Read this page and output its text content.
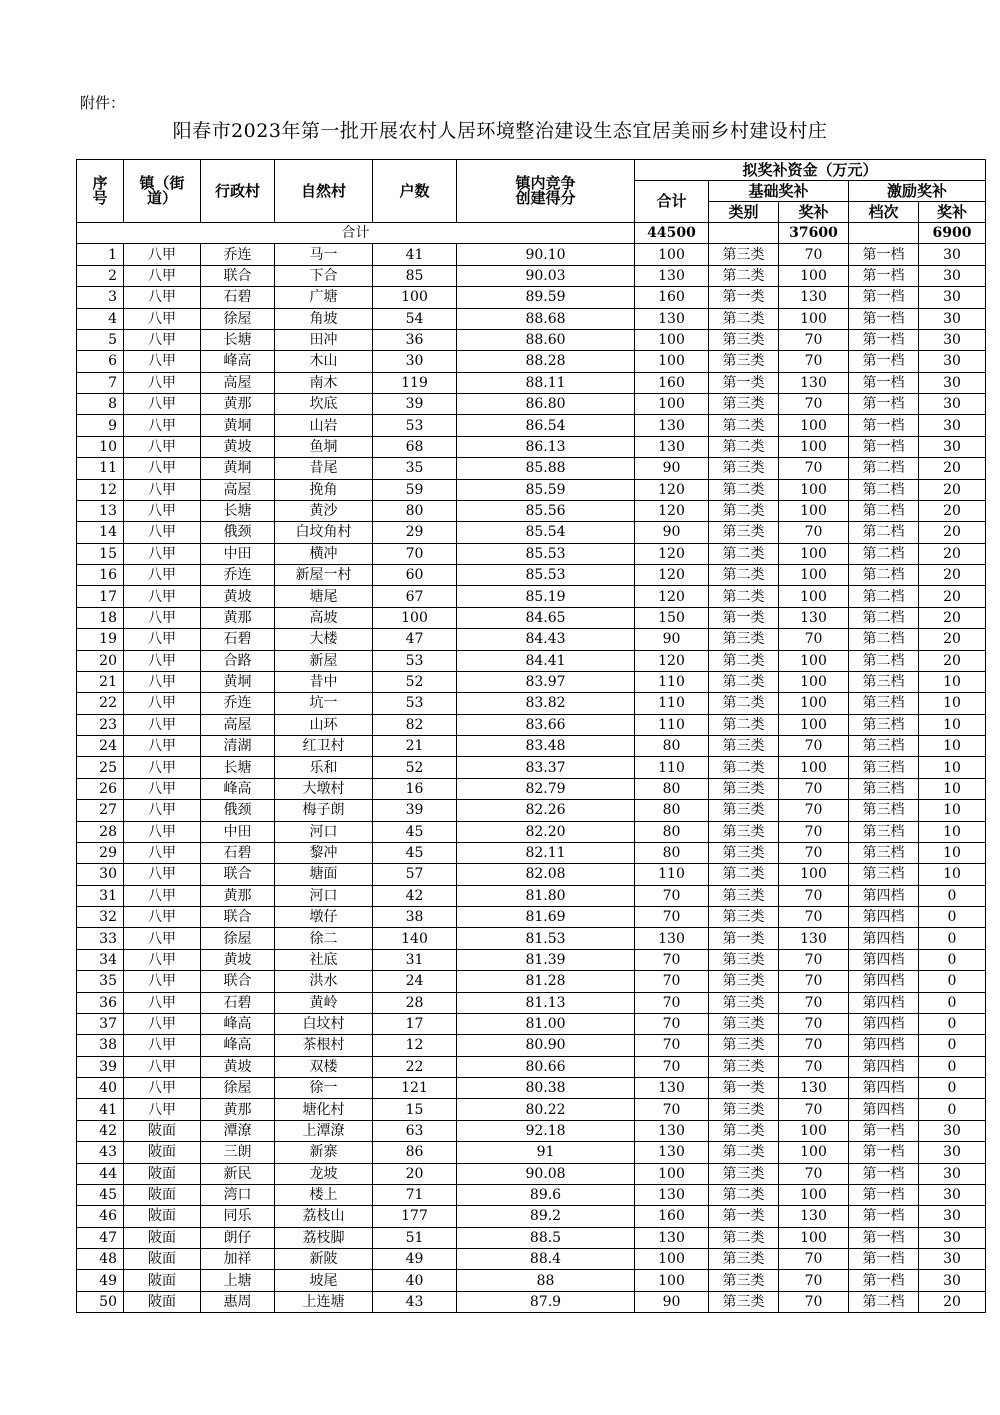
附件：
阳春市2023年第一批开展农村人居环境整治建设生态宜居美丽乡村建设村庄
序号	镇（街道）	行政村	自然村	户数	镇内竞争创建得分	拟奖补资金（万元）				
						合计	基础奖补		激励奖补	
							类别	奖补	档次	奖补
合计						44500		37600		6900
1	八甲	乔连	马一	41	90.10	100	第三类	70	第一档	30
2	八甲	联合	下合	85	90.03	130	第二类	100	第一档	30
3	八甲	石碧	广塘	100	89.59	160	第一类	130	第一档	30
4	八甲	徐屋	角坡	54	88.68	130	第二类	100	第一档	30
5	八甲	长塘	田冲	36	88.60	100	第三类	70	第一档	30
6	八甲	峰高	木山	30	88.28	100	第三类	70	第一档	30
7	八甲	高屋	南木	119	88.11	160	第一类	130	第一档	30
8	八甲	黄那	坎底	39	86.80	100	第三类	70	第一档	30
9	八甲	黄垌	山岩	53	86.54	130	第二类	100	第一档	30
10	八甲	黄坡	鱼垌	68	86.13	130	第二类	100	第一档	30
11	八甲	黄垌	昔尾	35	85.88	90	第三类	70	第二档	20
12	八甲	高屋	挽角	59	85.59	120	第二类	100	第二档	20
13	八甲	长塘	黄沙	80	85.56	120	第二类	100	第二档	20
14	八甲	俄颈	白坟角村	29	85.54	90	第三类	70	第二档	20
15	八甲	中田	横冲	70	85.53	120	第二类	100	第二档	20
16	八甲	乔连	新屋一村	60	85.53	120	第二类	100	第二档	20
17	八甲	黄坡	塘尾	67	85.19	120	第二类	100	第二档	20
18	八甲	黄那	高坡	100	84.65	150	第一类	130	第二档	20
19	八甲	石碧	大楼	47	84.43	90	第三类	70	第二档	20
20	八甲	合路	新屋	53	84.41	120	第二类	100	第二档	20
21	八甲	黄垌	昔中	52	83.97	110	第二类	100	第三档	10
22	八甲	乔连	坑一	53	83.82	110	第二类	100	第三档	10
23	八甲	高屋	山环	82	83.66	110	第二类	100	第三档	10
24	八甲	清湖	红卫村	21	83.48	80	第三类	70	第三档	10
25	八甲	长塘	乐和	52	83.37	110	第二类	100	第三档	10
26	八甲	峰高	大墩村	16	82.79	80	第三类	70	第三档	10
27	八甲	俄颈	梅子朗	39	82.26	80	第三类	70	第三档	10
28	八甲	中田	河口	45	82.20	80	第三类	70	第三档	10
29	八甲	石碧	黎冲	45	82.11	80	第三类	70	第三档	10
30	八甲	联合	塘面	57	82.08	110	第二类	100	第三档	10
31	八甲	黄那	河口	42	81.80	70	第三类	70	第四档	0
32	八甲	联合	墩仔	38	81.69	70	第三类	70	第四档	0
33	八甲	徐屋	徐二	140	81.53	130	第一类	130	第四档	0
34	八甲	黄坡	社底	31	81.39	70	第三类	70	第四档	0
35	八甲	联合	洪水	24	81.28	70	第三类	70	第四档	0
36	八甲	石碧	黄岭	28	81.13	70	第三类	70	第四档	0
37	八甲	峰高	白坟村	17	81.00	70	第三类	70	第四档	0
38	八甲	峰高	茶根村	12	80.90	70	第三类	70	第四档	0
39	八甲	黄坡	双楼	22	80.66	70	第三类	70	第四档	0
40	八甲	徐屋	徐一	121	80.38	130	第一类	130	第四档	0
41	八甲	黄那	塘化村	15	80.22	70	第三类	70	第四档	0
42	陂面	潭潦	上潭潦	63	92.18	130	第二类	100	第一档	30
43	陂面	三朗	新寨	86	91	130	第二类	100	第一档	30
44	陂面	新民	龙坡	20	90.08	100	第三类	70	第一档	30
45	陂面	湾口	楼上	71	89.6	130	第二类	100	第一档	30
46	陂面	同乐	荔枝山	177	89.2	160	第一类	130	第一档	30
47	陂面	朗仔	荔枝脚	51	88.5	130	第二类	100	第一档	30
48	陂面	加祥	新陂	49	88.4	100	第三类	70	第一档	30
49	陂面	上塘	坡尾	40	88	100	第三类	70	第一档	30
50	陂面	惠周	上连塘	43	87.9	90	第三类	70	第二档	20
